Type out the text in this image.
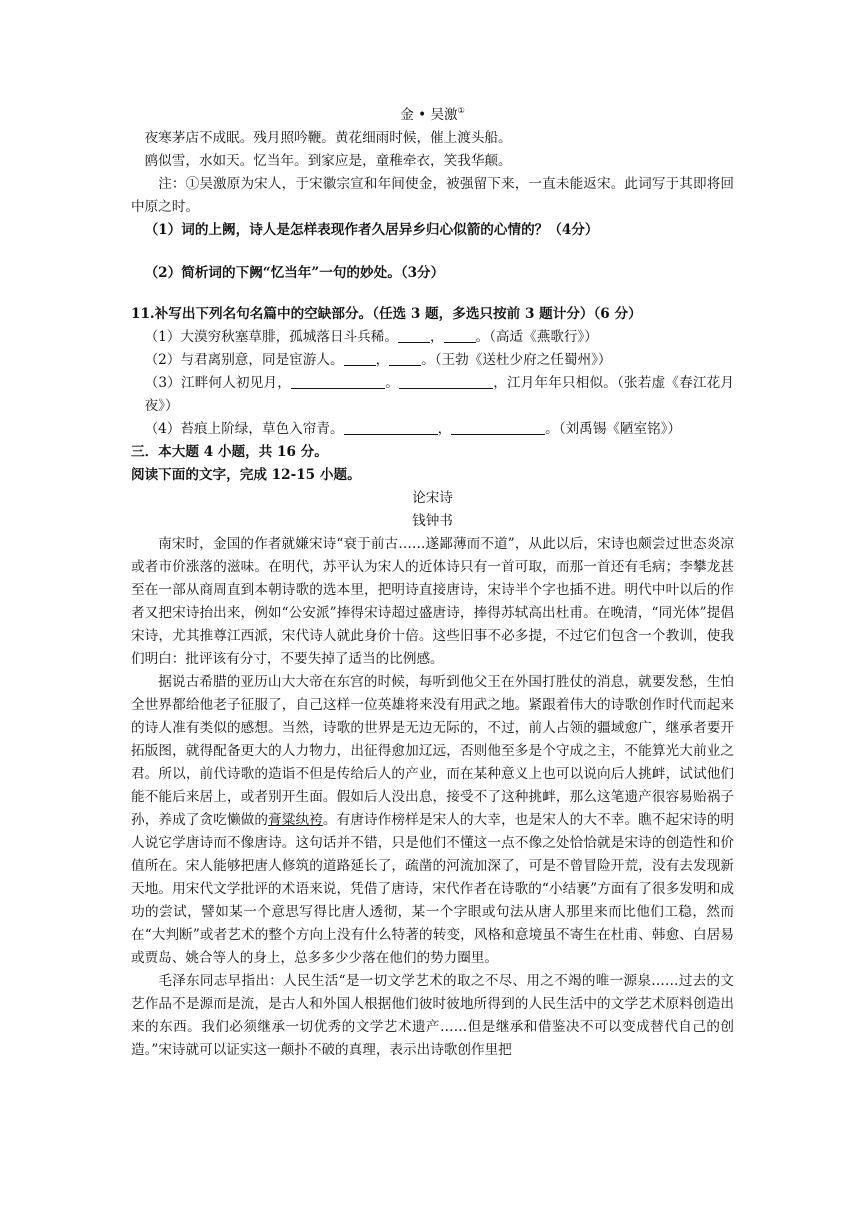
金 • 吴激①

夜寒茅店不成眠。残月照吟鞭。黄花细雨时候，催上渡头船。

鸥似雪，水如天。忆当年。到家应是，童稚牵衣，笑我华颠。

注：①吴激原为宋人，于宋徽宗宣和年间使金，被强留下来，一直未能返宋。此词写于其即将回中原之时。

（1）词的上阙，诗人是怎样表现作者久居异乡归心似箭的心情的？（4分）

（2）简析词的下阙“忆当年”一句的妙处。（3分）

11.补写出下列名句名篇中的空缺部分。（任选 3 题，多选只按前 3 题计分）（6 分）

（1）大漠穷秋塞草腓，孤城落日斗兵稀。 ， 。（高适《燕歌行》）

（2）与君离别意，同是宦游人。 ， 。（王勃《送杜少府之任蜀州》）

（3）江畔何人初见月，	。	，江月年年只相似。（张若虚《春江花月夜》）

（4）苔痕上阶绿，草色入帘青。	，	。（刘禹锡《陋室铭》）

三．本大题 4 小题，共 16 分。

阅读下面的文字，完成 12-15 小题。

论宋诗

钱钟书

南宋时，金国的作者就嫌宋诗“衰于前古……遂鄙薄而不道”，从此以后，宋诗也颇尝过世态炎凉或者市价涨落的滋味。在明代，苏平认为宋人的近体诗只有一首可取，而那一首还有毛病；李攀龙甚至在一部从商周直到本朝诗歌的选本里，把明诗直接唐诗，宋诗半个字也插不进。明代中叶以后的作者又把宋诗抬出来，例如“公安派”捧得宋诗超过盛唐诗，捧得苏轼高出杜甫。在晚清，“同光体”提倡宋诗，尤其推尊江西派，宋代诗人就此身价十倍。这些旧事不必多提，不过它们包含一个教训，使我们明白：批评该有分寸，不要失掉了适当的比例感。

据说古希腊的亚历山大大帝在东宫的时候，每听到他父王在外国打胜仗的消息，就要发愁，生怕全世界都给他老子征服了，自己这样一位英雄将来没有用武之地。紧跟着伟大的诗歌创作时代而起来的诗人准有类似的感想。当然，诗歌的世界是无边无际的，不过，前人占领的疆域愈广，继承者要开拓版图，就得配备更大的人力物力，出征得愈加辽远，否则他至多是个守成之主，不能算光大前业之君。所以，前代诗歌的造诣不但是传给后人的产业，而在某种意义上也可以说向后人挑衅，试试他们能不能后来居上，或者别开生面。假如后人没出息，接受不了这种挑衅，那么这笔遗产很容易贻祸子孙，养成了贪吃懒做的膏粱纨袴。有唐诗作榜样是宋人的大幸，也是宋人的大不幸。瞧不起宋诗的明人说它学唐诗而不像唐诗。这句话并不错，只是他们不懂这一点不像之处恰恰就是宋诗的创造性和价值所在。宋人能够把唐人修筑的道路延长了，疏凿的河流加深了，可是不曾冒险开荒，没有去发现新天地。用宋代文学批评的术语来说，凭借了唐诗，宋代作者在诗歌的“小结裹”方面有了很多发明和成功的尝试，譬如某一个意思写得比唐人透彻，某一个字眼或句法从唐人那里来而比他们工稳，然而在“大判断”或者艺术的整个方向上没有什么特著的转变，风格和意境虽不寄生在杜甫、韩愈、白居易或贾岛、姚合等人的身上，总多多少少落在他们的势力圈里。

毛泽东同志早指出：人民生活“是一切文学艺术的取之不尽、用之不竭的唯一源泉……过去的文艺作品不是源而是流，是古人和外国人根据他们彼时彼地所得到的人民生活中的文学艺术原料创造出来的东西。我们必须继承一切优秀的文学艺术遗产……但是继承和借鉴决不可以变成替代自己的创造。”宋诗就可以证实这一颠扑不破的真理，表示出诗歌创作里把
